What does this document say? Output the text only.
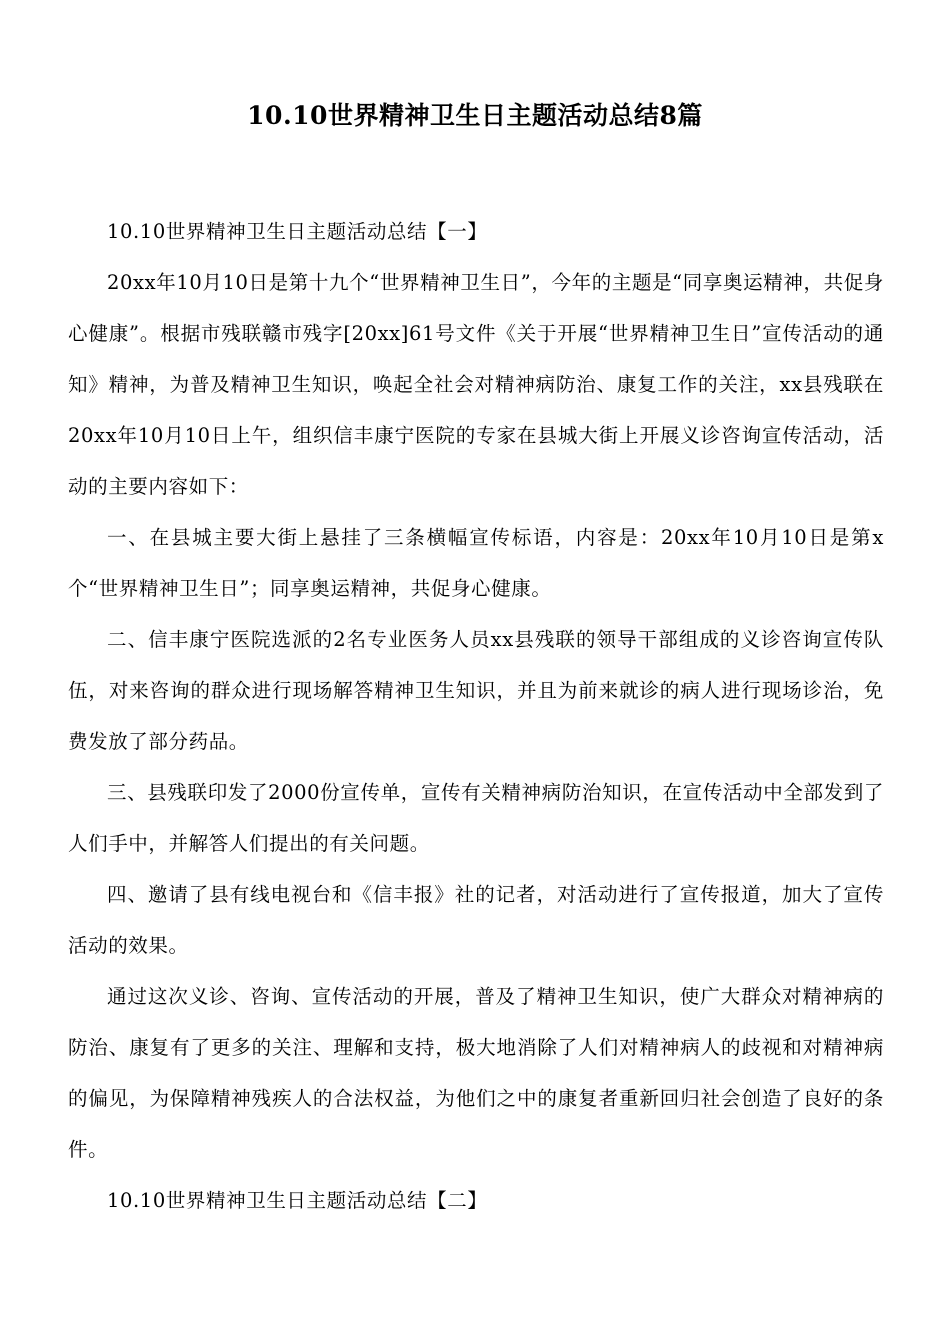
10.10世界精神卫生日主题活动总结8篇

10.10世界精神卫生日主题活动总结【一】

20xx年10月10日是第十九个“世界精神卫生日”，今年的主题是“同享奥运精神，共促身心健康”。根据市残联赣市残字[20xx]61号文件《关于开展“世界精神卫生日”宣传活动的通知》精神，为普及精神卫生知识，唤起全社会对精神病防治、康复工作的关注，xx县残联在20xx年10月10日上午，组织信丰康宁医院的专家在县城大街上开展义诊咨询宣传活动，活动的主要内容如下：

一、在县城主要大街上悬挂了三条横幅宣传标语，内容是：20xx年10月10日是第x个“世界精神卫生日”；同享奥运精神，共促身心健康。

二、信丰康宁医院选派的2名专业医务人员xx县残联的领导干部组成的义诊咨询宣传队伍，对来咨询的群众进行现场解答精神卫生知识，并且为前来就诊的病人进行现场诊治，免费发放了部分药品。

三、县残联印发了2000份宣传单，宣传有关精神病防治知识，在宣传活动中全部发到了人们手中，并解答人们提出的有关问题。

四、邀请了县有线电视台和《信丰报》社的记者，对活动进行了宣传报道，加大了宣传活动的效果。

通过这次义诊、咨询、宣传活动的开展，普及了精神卫生知识，使广大群众对精神病的防治、康复有了更多的关注、理解和支持，极大地消除了人们对精神病人的歧视和对精神病的偏见，为保障精神残疾人的合法权益，为他们之中的康复者重新回归社会创造了良好的条件。

10.10世界精神卫生日主题活动总结【二】
